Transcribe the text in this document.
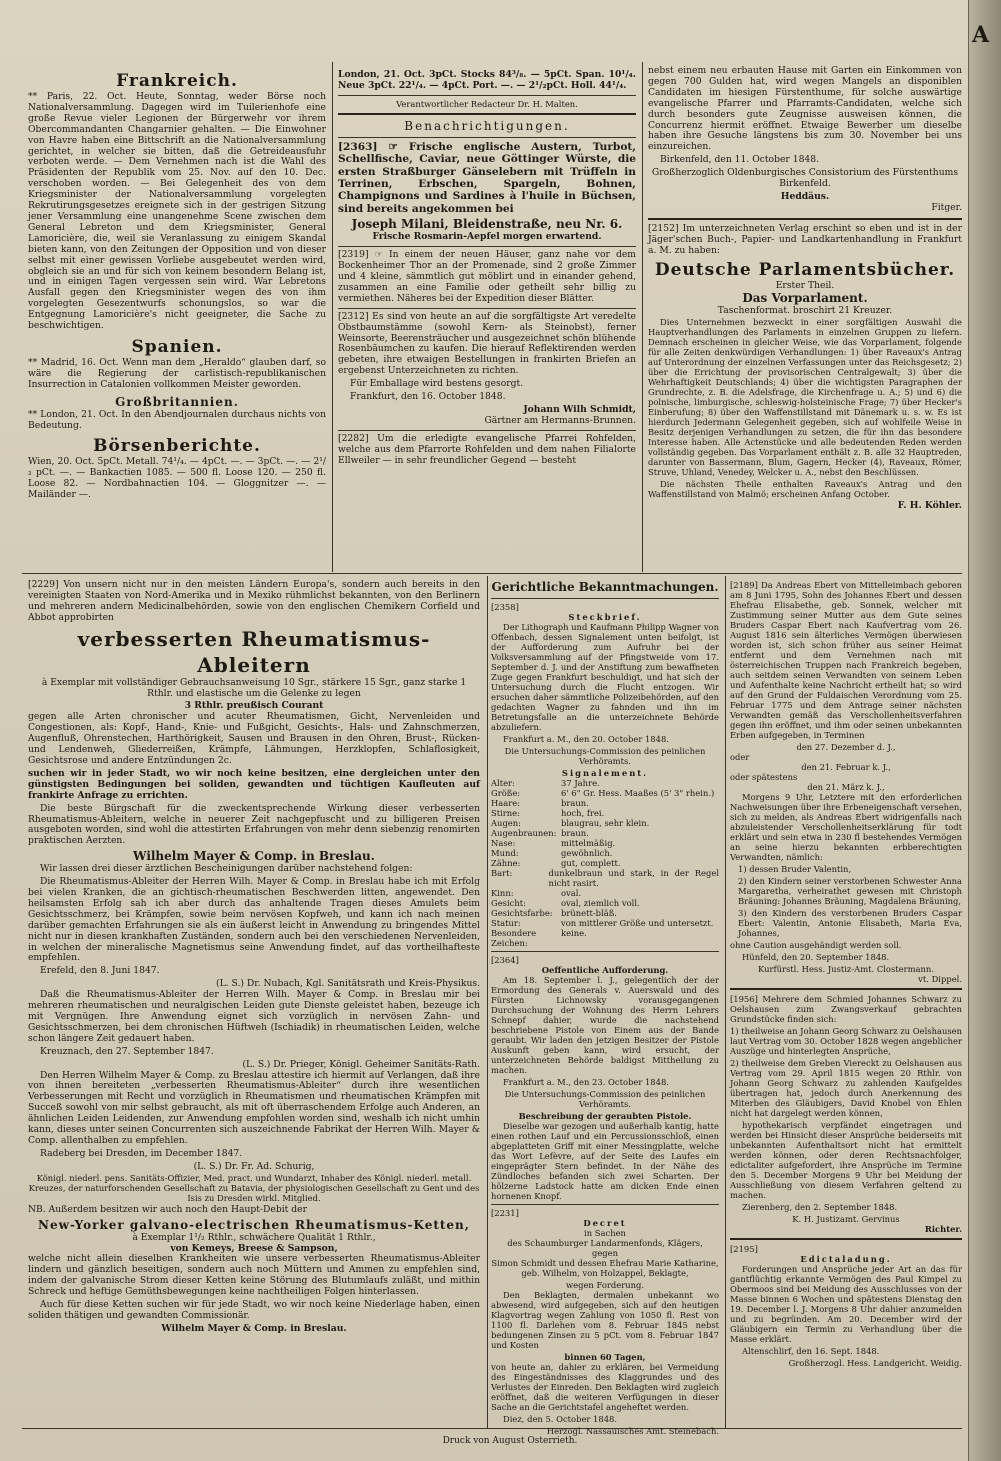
A
Frankreich.

** Paris, 22. Oct. Heute, Sonntag, weder Börse noch Nationalversammlung. Dagegen wird im Tuilerienhofe eine große Revue vieler Legionen der Bürgerwehr vor ihrem Obercommandanten Changarnier gehalten. — Die Einwohner von Havre haben eine Bittschrift an die Nationalversammlung gerichtet, in welcher sie bitten, daß die Getreideausfuhr verboten werde. — Dem Vernehmen nach ist die Wahl des Präsidenten der Republik vom 25. Nov. auf den 10. Dec. verschoben worden. — Bei Gelegenheit des von dem Kriegsminister der Nationalversammlung vorgelegten Rekrutirungsgesetzes ereignete sich in der gestrigen Sitzung jener Versammlung eine unangenehme Scene zwischen dem General Lebreton und dem Kriegsminister, General Lamoricière, die, weil sie Veranlassung zu einigem Skandal bieten kann, von den Zeitungen der Opposition und von dieser selbst mit einer gewissen Vorliebe ausgebeutet werden wird, obgleich sie an und für sich von keinem besondern Belang ist, und in einigen Tagen vergessen sein wird. War Lebretons Ausfall gegen den Kriegsminister wegen des von ihm vorgelegten Gesezentwurfs schonungslos, so war die Entgegnung Lamoricière's nicht geeigneter, die Sache zu beschwichtigen.

Spanien.

** Madrid, 16. Oct. Wenn man dem „Heraldo“ glauben darf, so wäre die Regierung der carlistisch-republikanischen Insurrection in Catalonien vollkommen Meister geworden.

Großbritannien.

** London, 21. Oct. In den Abendjournalen durchaus nichts von Bedeutung.

Börsenberichte.

Wien, 20. Oct. 5pCt. Metall. 74¹/₄. — 4pCt. —. — 3pCt. —. — 2¹/₂ pCt. —. — Bankactien 1085. — 500 fl. Loose 120. — 250 fl. Loose 82. — Nordbahnactien 104. — Gloggnitzer —. — Mailänder —.

London, 21. Oct. 3pCt. Stocks 84³/₈. — 5pCt. Span. 10¹/₄. Neue 3pCt. 22¹/₄. — 4pCt. Port. —. — 2¹/₂pCt. Holl. 44¹/₄.

Verantwortlicher Redacteur Dr. H. Malten.
Benachrichtigungen.

[2363] ☞ Frische englische Austern, Turbot, Schellfische, Caviar, neue Göttinger Würste, die ersten Straßburger Gänselebern mit Trüffeln in Terrinen, Erbschen, Spargeln, Bohnen, Champignons und Sardines à l'huile in Büchsen, sind bereits angekommen bei

Joseph Milani, Bleidenstraße, neu Nr. 6.
Frische Rosmarin-Aepfel morgen erwartend.

[2319] ☞ In einem der neuen Häuser, ganz nahe vor dem Bockenheimer Thor an der Promenade, sind 2 große Zimmer und 4 kleine, sämmtlich gut möblirt und in einander gehend, zusammen an eine Familie oder getheilt sehr billig zu vermiethen. Näheres bei der Expedition dieser Blätter.

[2312] Es sind von heute an auf die sorgfältigste Art veredelte Obstbaumstämme (sowohl Kern- als Steinobst), ferner Weinsorte, Beerensträucher und ausgezeichnet schön blühende Rosenbäumchen zu kaufen. Die hierauf Reflektirenden werden gebeten, ihre etwaigen Bestellungen in frankirten Briefen an ergebenst Unterzeichneten zu richten.

Für Emballage wird bestens gesorgt.

Frankfurt, den 16. October 1848.

Johann Wilh Schmidt,
Gärtner am Hermanns-Brunnen.

[2282] Um die erledigte evangelische Pfarrei Rohfelden, welche aus dem Pfarrorte Rohfelden und dem nahen Filialorte Ellweiler — in sehr freundlicher Gegend — besteht

nebst einem neu erbauten Hause mit Garten ein Einkommen von gegen 700 Gulden hat, wird wegen Mangels an disponiblen Candidaten im hiesigen Fürstenthume, für solche auswärtige evangelische Pfarrer und Pfarramts-Candidaten, welche sich durch besonders gute Zeugnisse ausweisen können, die Concurrenz hiermit eröffnet. Etwaige Bewerber um dieselbe haben ihre Gesuche längstens bis zum 30. November bei uns einzureichen.

Birkenfeld, den 11. October 1848.

Großherzoglich Oldenburgisches Consistorium des Fürstenthums Birkenfeld.

Heddäus.
Fitger.

[2152] Im unterzeichneten Verlag erschint so eben und ist in der Jäger'schen Buch-, Papier- und Landkartenhandlung in Frankfurt a. M. zu haben:

Deutsche Parlamentsbücher.
Erster Theil.
Das Vorparlament.
Taschenformat. broschirt 21 Kreuzer.

Dies Unternehmen bezweckt in einer sorgfältigen Auswahl die Hauptverhandlungen des Parlaments in einzelnen Gruppen zu liefern. Demnach erscheinen in gleicher Weise, wie das Vorparlament, folgende für alle Zeiten denkwürdigen Verhandlungen: 1) über Raveaux's Antrag auf Unterordnung der einzelnen Verfassungen unter das Reichsgesetz; 2) über die Errichtung der provisorischen Centralgewalt; 3) über die Wehrhaftigkeit Deutschlands; 4) über die wichtigsten Paragraphen der Grundrechte, z. B. die Adelsfrage, die Kirchenfrage u. A.; 5) und 6) die polnische, limburgische, schleswig-holsteinische Frage; 7) über Hecker's Einberufung; 8) über den Waffenstillstand mit Dänemark u. s. w. Es ist hierdurch Jedermann Gelegenheit gegeben, sich auf wohlfeile Weise in Besitz derjenigen Verhandlungen zu setzen, die für ihn das besondere Interesse haben. Alle Actenstücke und alle bedeutenden Reden werden vollständig gegeben. Das Vorparlament enthält z. B. alle 32 Hauptreden, darunter von Bassermann, Blum, Gagern, Hecker (4), Raveaux, Römer, Struve, Uhland, Venedey, Welcker u. A., nebst den Beschlüssen.

Die nächsten Theile enthalten Raveaux's Antrag und den Waffenstillstand von Malmö; erscheinen Anfang October.

F. H. Köhler.

[2229] Von unsern nicht nur in den meisten Ländern Europa's, sondern auch bereits in den vereinigten Staaten von Nord-Amerika und in Mexiko rühmlichst bekannten, von den Berlinern und mehreren andern Medicinalbehörden, sowie von den englischen Chemikern Corfield und Abbot approbirten

verbesserten Rheumatismus-Ableitern

à Exemplar mit vollständiger Gebrauchsanweisung 10 Sgr., stärkere 15 Sgr., ganz starke 1 Rthlr. und elastische um die Gelenke zu legen

3 Rthlr. preußisch Courant

gegen alle Arten chronischer und acuter Rheumatismen, Gicht, Nervenleiden und Congestionen, als: Kopf-, Hand-, Knie- und Fußgicht, Gesichts-, Hals- und Zahnschmerzen, Augenfluß, Ohrenstechen, Harthörigkeit, Sausen und Brausen in den Ohren, Brust-, Rücken- und Lendenweh, Gliederreißen, Krämpfe, Lähmungen, Herzklopfen, Schlaflosigkeit, Gesichtsrose und andere Entzündungen 2c.

suchen wir in jeder Stadt, wo wir noch keine besitzen, eine dergleichen unter den günstigsten Bedingungen bei soliden, gewandten und tüchtigen Kaufleuten auf frankirte Anfrage zu errichten.

Die beste Bürgschaft für die zweckentsprechende Wirkung dieser verbesserten Rheumatismus-Ableitern, welche in neuerer Zeit nachgepfuscht und zu billigeren Preisen ausgeboten worden, sind wohl die attestirten Erfahrungen von mehr denn siebenzig renomirten praktischen Aerzten.

Wilhelm Mayer & Comp. in Breslau.

Wir lassen drei dieser ärztlichen Bescheinigungen darüber nachstehend folgen:

Die Rheumatismus-Ableiter der Herren Wilh. Mayer & Comp. in Breslau habe ich mit Erfolg bei vielen Kranken, die an gichtisch-rheumatischen Beschwerden litten, angewendet. Den heilsamsten Erfolg sah ich aber durch das anhaltende Tragen dieses Amulets beim Gesichtsschmerz, bei Krämpfen, sowie beim nervösen Kopfweh, und kann ich nach meinen darüber gemachten Erfahrungen sie als ein äußerst leicht in Anwendung zu bringendes Mittel nicht nur in diesen krankhaften Zuständen, sondern auch bei den verschiedenen Nervenleiden, in welchen der mineralische Magnetismus seine Anwendung findet, auf das vortheilhafteste empfehlen.

Erefeld, den 8. Juni 1847.

(L. S.) Dr. Nubach, Kgl. Sanitätsrath und Kreis-Physikus.

Daß die Rheumatismus-Ableiter der Herren Wilh. Mayer & Comp. in Breslau mir bei mehreren rheumatischen und neuralgischen Leiden gute Dienste geleistet haben, bezeuge ich mit Vergnügen. Ihre Anwendung eignet sich vorzüglich in nervösen Zahn- und Gesichtsschmerzen, bei dem chronischen Hüftweh (Ischiadik) in rheumatischen Leiden, welche schon längere Zeit gedauert haben.

Kreuznach, den 27. September 1847.

(L. S.) Dr. Prieger, Königl. Geheimer Sanitäts-Rath.

Den Herren Wilhelm Mayer & Comp. zu Breslau attestire ich hiermit auf Verlangen, daß ihre von ihnen bereiteten „verbesserten Rheumatismus-Ableiter“ durch ihre wesentlichen Verbesserungen mit Recht und vorzüglich in Rheumatismen und rheumatischen Krämpfen mit Succeß sowohl von mir selbst gebraucht, als mit oft überraschendem Erfolge auch Anderen, an ähnlichen Leiden Leidenden, zur Anwendung empfohlen worden sind, weshalb ich nicht umhin kann, dieses unter seinen Concurrenten sich auszeichnende Fabrikat der Herren Wilh. Mayer & Comp. allenthalben zu empfehlen.

Radeberg bei Dresden, im December 1847.

(L. S.) Dr. Fr. Ad. Schurig,

Königl. niederl. pens. Sanitäts-Offizier, Med. pract. und Wundarzt, Inhaber des Königl. niederl. metall. Kreuzes, der naturforschenden Gesellschaft zu Batavia, der physiologischen Gesellschaft zu Gent und des Isis zu Dresden wirkl. Mitglied.

NB. Außerdem besitzen wir auch noch den Haupt-Debit der

New-Yorker galvano-electrischen Rheumatismus-Ketten,
à Exemplar 1¹/₂ Rthlr., schwächere Qualität 1 Rthlr.,
von Kemeys, Breese & Sampson,

welche nicht allein dieselben Krankheiten wie unsere verbesserten Rheumatismus-Ableiter lindern und gänzlich beseitigen, sondern auch noch Müttern und Ammen zu empfehlen sind, indem der galvanische Strom dieser Ketten keine Störung des Blutumlaufs zuläßt, und mithin Schreck und heftige Gemüthsbewegungen keine nachtheiligen Folgen hinterlassen.

Auch für diese Ketten suchen wir für jede Stadt, wo wir noch keine Niederlage haben, einen soliden thätigen und gewandten Commissionär.

Wilhelm Mayer & Comp. in Breslau.
Gerichtliche Bekanntmachungen.
[2358]
Steckbrief.

Der Lithograph und Kaufmann Philipp Wagner von Offenbach, dessen Signalement unten beifolgt, ist der Aufforderung zum Aufruhr bei der Volksversammlung auf der Pfingstweide vom 17. September d. J. und der Anstiftung zum bewaffneten Zuge gegen Frankfurt beschuldigt, und hat sich der Untersuchung durch die Flucht entzogen. Wir ersuchen daher sämmtliche Polizeibehörden, auf den gedachten Wagner zu fahnden und ihn im Betretungsfalle an die unterzeichnete Behörde abzuliefern.

Frankfurt a. M., den 20. October 1848.

Die Untersuchungs-Commission des peinlichen Verhöramts.

Signalement.
Alter:	37 Jahre.
Größe:	6' 6" Gr. Hess. Maaßes (5' 3" rhein.)
Haare:	braun.
Stirne:	hoch, frei.
Augen:	blaugrau, sehr klein.
Augenbraunen: braun.
Nase:	mittelmäßig.
Mund:	gewöhnlich.
Zähne:	gut, complett.
Bart:	dunkelbraun und stark, in der Regel nicht rasirt.
Kinn:	oval.
Gesicht:	oval, ziemlich voll.
Gesichtsfarbe: brünett-bläß.
Statur:	von mittlerer Größe und untersetzt.
Besondere Zeichen:
keine.
[2364]
Oeffentliche Aufforderung.

Am 18. September l. J., gelegentlich der der Ermordung des Generals v. Auerswald und des Fürsten Lichnowsky vorausgegangenen Durchsuchung der Wohnung des Herrn Lehrers Schnepf dahier, wurde die nachstehend beschriebene Pistole von Einem aus der Bande geraubt. Wir laden den jetzigen Besitzer der Pistole Auskunft geben kann, wird ersucht, der unterzeichneten Behörde baldigst Mittheilung zu machen.

Frankfurt a. M., den 23. October 1848.

Die Untersuchungs-Commission des peinlichen Verhöramts.

Beschreibung der geraubten Pistole.

Dieselbe war gezogen und außerhalb kantig, hatte einen rothen Lauf und ein Percussionsschloß, einen abgeplatteten Griff mit einer Messingplatte, welche das Wort Lefèvre, auf der Seite des Laufes ein eingeprägter Stern befindet. In der Nähe des Zündloches befanden sich zwei Scharten. Der hölzerne Ladstock hatte am dicken Ende einen hornenen Knopf.

[2231]
Decret
in Sachen
des Schaumburger Landarmenfonds, Klägers,
gegen

Simon Schmidt und dessen Ehefrau Marie Katharine, geb. Wilhelm, von Holzappel, Beklagte,

wegen Forderung.

Den Beklagten, dermalen unbekannt wo abwesend, wird aufgegeben, sich auf den heutigen Klagvortrag wegen Zahlung von 1050 fl. Rest von 1100 fl. Darlehen vom 8. Februar 1845 nebst bedungenen Zinsen zu 5 pCt. vom 8. Februar 1847 und Kosten

binnen 60 Tagen,

von heute an, dahier zu erklären, bei Vermeidung des Eingeständnisses des Klaggrundes und des Verlustes der Einreden. Den Beklagten wird zugleich eröffnet, daß die weiteren Verfügungen in dieser Sache an die Gerichtstafel angeheftet werden.

Diez, den 5. October 1848.

Herzogl. Nassauisches Amt. Steinebach.

[2189] Da Andreas Ebert von Mittelleimbach geboren am 8 Juni 1795, Sohn des Johannes Ebert und dessen Ehefrau Elisabethe, geb. Sonnek, welcher mit Zustimmung seiner Mutter aus dem Gute seines Bruders Caspar Ebert nach Kaufvertrag vom 26. August 1816 sein älterliches Vermögen überwiesen worden ist, sich schon früher aus seiner Heimat entfernt und dem Vernehmen nach mit österreichischen Truppen nach Frankreich begeben, auch seitdem seinen Verwandten von seinem Leben und Aufenthalte keine Nachricht ertheilt hat; so wird auf den Grund der Fuldaischen Verordnung vom 25. Februar 1775 und dem Antrage seiner nächsten Verwandten gemäß das Verschollenheitsverfahren gegen ihn eröffnet, und ihm oder seinen unbekannten Erben aufgegeben, in Terminen

den 27. Dezember d. J.,
oder
den 21. Februar k. J.,
oder spätestens
den 21. März k. J.,

Morgens 9 Uhr, Letztere mit den erforderlichen Nachweisungen über ihre Erbeneigenschaft versehen, sich zu melden, als Andreas Ebert widrigenfalls nach abzuleistender Verschollenheitserklärung für todt erklärt und sein etwa in 230 fl bestehendes Vermögen an seine hierzu bekannten erbberechtigten Verwandten, nämlich:

1) dessen Bruder Valentin,

2) den Kindern seiner verstorbenen Schwester Anna Margaretha, verheirathet gewesen mit Christoph Bräuning: Johannes Bräuning, Magdalena Bräuning,

3) den Kindern des verstorbenen Bruders Caspar Ebert: Valentin, Antonie Elisabeth, Maria Eva, Johannes,

ohne Caution ausgehändigt werden soll.

Hünfeld, den 20. September 1848.

Kurfürstl. Hess. Justiz-Amt. Clostermann.
vt. Dippel.

[1956] Mehrere dem Schmied Johannes Schwarz zu Oelshausen zum Zwangsverkauf gebrachten Grundstücke finden sich:

1) theilweise an Johann Georg Schwarz zu Oelshausen laut Vertrag vom 30. October 1828 wegen angeblicher Auszüge und hinterlegten Ansprüche,

2) theilweise dem Greben Viereckt zu Oelshausen aus Vertrag vom 29. April 1815 wegen 20 Rthlr. von Johann Georg Schwarz zu zahlenden Kaufgeldes übertragen hat, jedoch durch Anerkennung des Miterben des Gläubigers, David Knobel von Ehlen nicht hat dargelegt werden können,

hypothekarisch verpfändet eingetragen und werden bei Hinsicht dieser Ansprüche beiderseits mit unbekannten Aufenthaltsort nicht hat ermittelt werden können, oder deren Rechtsnachfolger, edictaliter aufgefordert, ihre Ansprüche im Termine den 5. December Morgens 9 Uhr bei Meidung der Ausschließung von diesem Verfahren geltend zu machen.

Zierenberg, den 2. September 1848.

K. H. Justizamt. Gervinus
Richter.
[2195]
Edictaladung.

Forderungen und Ansprüche jeder Art an das für gantflüchtig erkannte Vermögen des Paul Kimpel zu Obermoos sind bei Meidung des Ausschlusses von der Masse binnen 6 Wochen und spätestens Dienstag den 19. December l. J. Morgens 8 Uhr dahier anzumelden und zu begründen. Am 20. December wird der Gläubigern ein Termin zu Verhandlung über die Masse erklärt.

Altenschlirf, den 16. Sept. 1848.

Großherzogl. Hess. Landgericht. Weidig.
Druck von August Osterrieth.
